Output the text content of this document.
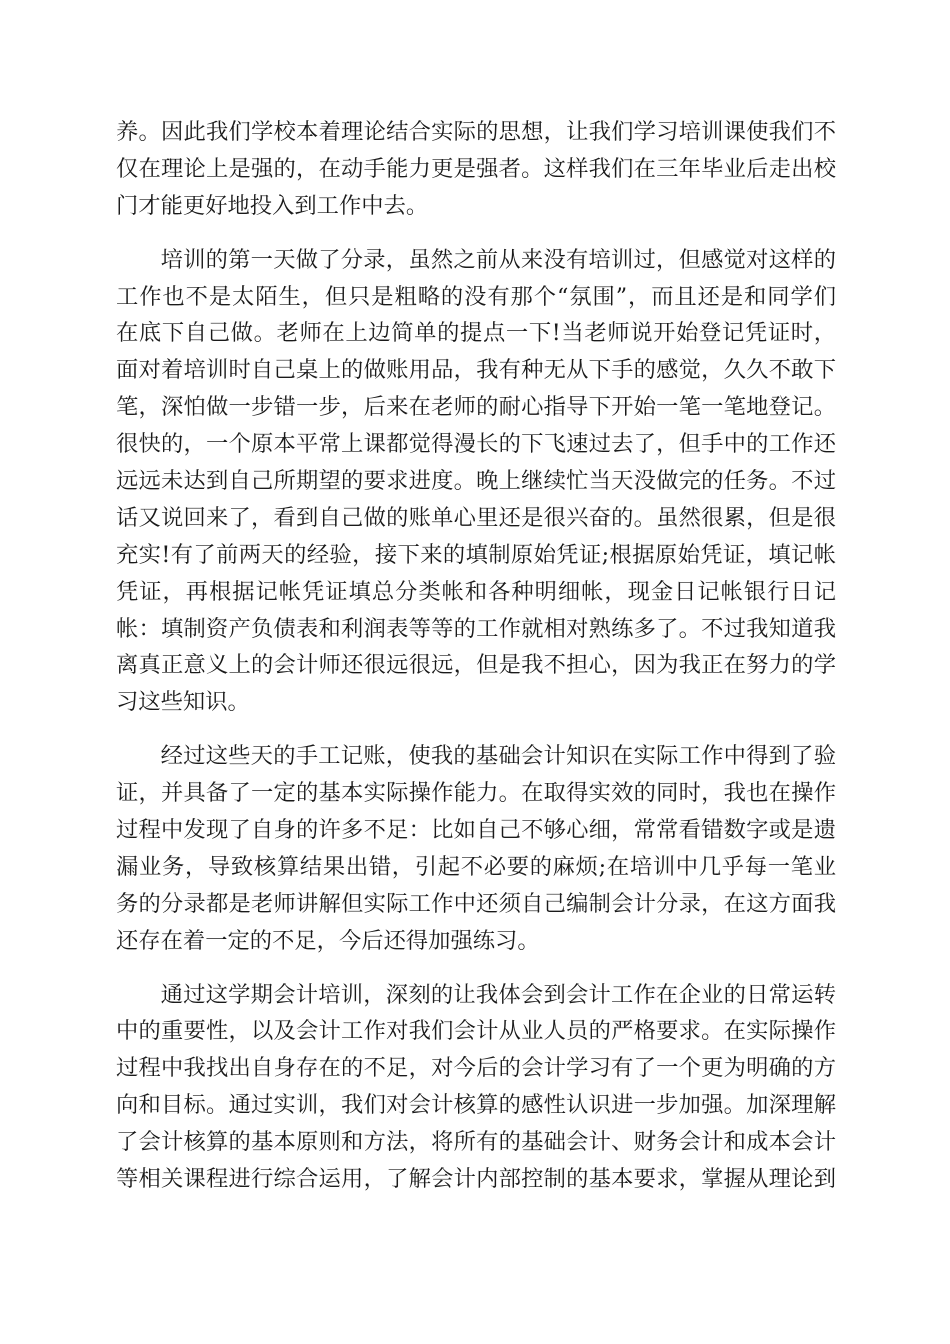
养。因此我们学校本着理论结合实际的思想，让我们学习培训课使我们不
仅在理论上是强的，在动手能力更是强者。这样我们在三年毕业后走出校
门才能更好地投入到工作中去。
培训的第一天做了分录，虽然之前从来没有培训过，但感觉对这样的
工作也不是太陌生，但只是粗略的没有那个“氛围”，而且还是和同学们
在底下自己做。老师在上边简单的提点一下!当老师说开始登记凭证时，
面对着培训时自己桌上的做账用品，我有种无从下手的感觉，久久不敢下
笔，深怕做一步错一步，后来在老师的耐心指导下开始一笔一笔地登记。
很快的，一个原本平常上课都觉得漫长的下飞速过去了，但手中的工作还
远远未达到自己所期望的要求进度。晚上继续忙当天没做完的任务。不过
话又说回来了，看到自己做的账单心里还是很兴奋的。虽然很累，但是很
充实!有了前两天的经验，接下来的填制原始凭证;根据原始凭证，填记帐
凭证，再根据记帐凭证填总分类帐和各种明细帐，现金日记帐银行日记
帐：填制资产负债表和利润表等等的工作就相对熟练多了。不过我知道我
离真正意义上的会计师还很远很远，但是我不担心，因为我正在努力的学
习这些知识。
经过这些天的手工记账，使我的基础会计知识在实际工作中得到了验
证，并具备了一定的基本实际操作能力。在取得实效的同时，我也在操作
过程中发现了自身的许多不足：比如自己不够心细，常常看错数字或是遗
漏业务，导致核算结果出错，引起不必要的麻烦;在培训中几乎每一笔业
务的分录都是老师讲解但实际工作中还须自己编制会计分录，在这方面我
还存在着一定的不足，今后还得加强练习。
通过这学期会计培训，深刻的让我体会到会计工作在企业的日常运转
中的重要性，以及会计工作对我们会计从业人员的严格要求。在实际操作
过程中我找出自身存在的不足，对今后的会计学习有了一个更为明确的方
向和目标。通过实训，我们对会计核算的感性认识进一步加强。加深理解
了会计核算的基本原则和方法，将所有的基础会计、财务会计和成本会计
等相关课程进行综合运用，了解会计内部控制的基本要求，掌握从理论到
